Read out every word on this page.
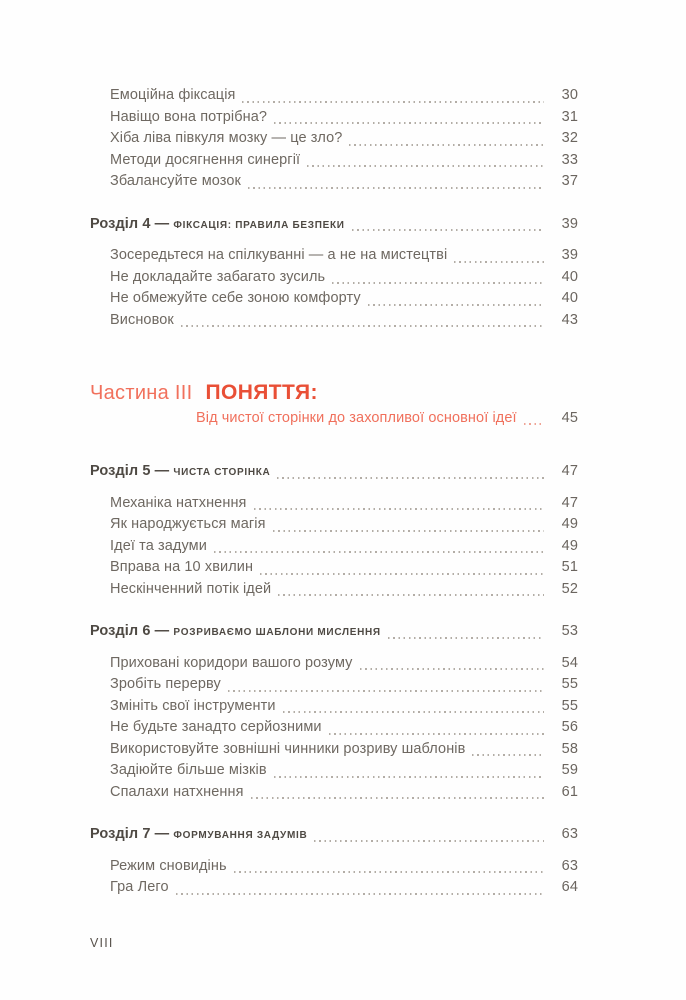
Емоційна фіксація	30
Навіщо вона потрібна?	31
Хіба ліва півкуля мозку — це зло?	32
Методи досягнення синергії	33
Збалансуйте мозок	37
Розділ 4 — Фіксація: правила безпеки	39
Зосередьтеся на спілкуванні — а не на мистецтві	39
Не докладайте забагато зусиль	40
Не обмежуйте себе зоною комфорту	40
Висновок	43
Частина III ПОНЯТТЯ:
Від чистої сторінки до захопливої основної ідеї	45
Розділ 5 — Чиста сторінка	47
Механіка натхнення	47
Як народжується магія	49
Ідеї та задуми	49
Вправа на 10 хвилин	51
Нескінченний потік ідей	52
Розділ 6 — Розриваємо шаблони мислення	53
Приховані коридори вашого розуму	54
Зробіть перерву	55
Змініть свої інструменти	55
Не будьте занадто серйозними	56
Використовуйте зовнішні чинники розриву шаблонів	58
Задіюйте більше мізків	59
Спалахи натхнення	61
Розділ 7 — Формування задумів	63
Режим сновидінь	63
Гра Лего	64
VIII
